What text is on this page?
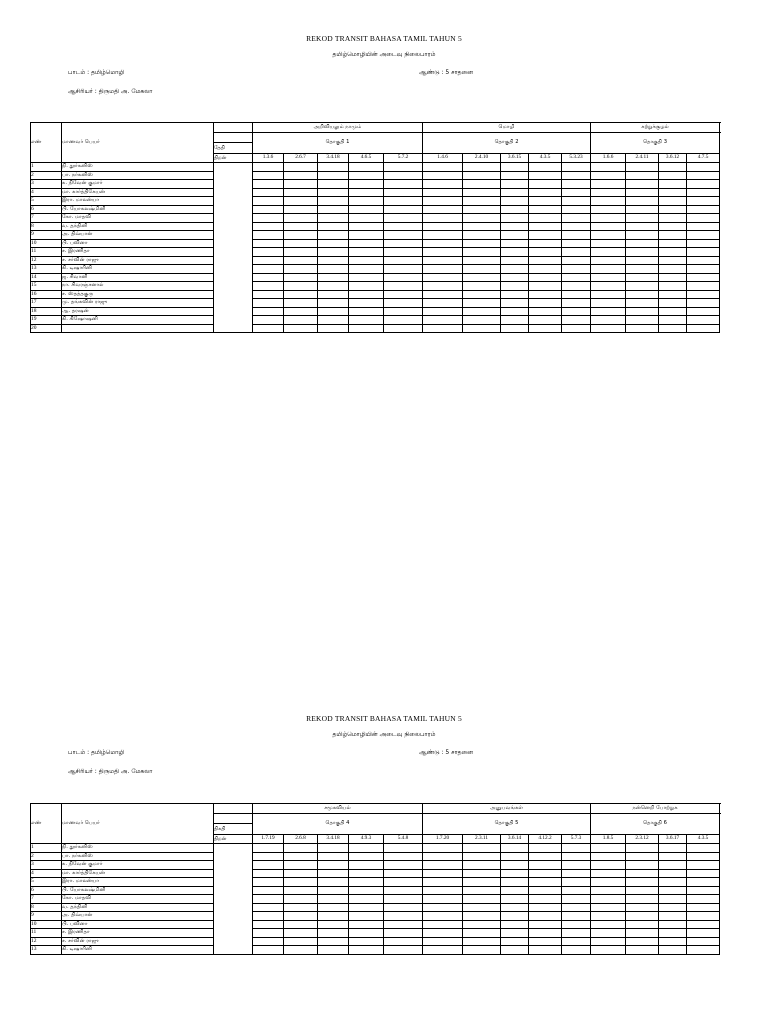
REKOD TRANSIT BAHASA TAMIL TAHUN 5
தமிழ்மொழியின் அடைவு நிலைபாரம்
பாடம் : தமிழ்மொழி	ஆண்டு : 5 சாதனை
ஆசிரியர் : திருமதி அ. மேகலா
எண்	மாணவர் பெயர்		அறிவியலும் நாமும்					மொழி					சுற்றுச்சூழல்				
			தொகுதி 1					தொகுதி 2					தொகுதி 3				
		தேதி															
		திறன்	1.3.6	2.6.7	3.4.18	4.6.5	5.7.2	1.4.6	2.4.10	3.6.15	4.3.5	5.3.23	1.6.6	2.4.11	3.6.12	4.7.5	
1	நி. தூர்கனிஸ்																
2	பா. நர்கனிஸ்																
3	க. நிவேன் குமார்																
4	மா. கார்த்திகேயன்																
5	இரா. மாலன்யா																
6	பி. யோகலஷ்மினி																
7	கோ. மாதவி																
8	வ. தந்தினி																
9	அ. திவ்யான்																
10	பி. பவினா																
11	ச. இரணிதா																
12	ச. சர்வின் ராஜு																
13	கி. டிஷாரினி																
14	ஜ. சிவானி																
15	நா. சிவரஞ்சனால்																
16	ச. ஸ்தத்தகுரு																
17	மு. தங்கவின் ராஜு																
18	ஆ. தரஷன்																
19	கி. கிஷோஷனி																
20																	
REKOD TRANSIT BAHASA TAMIL TAHUN 5
தமிழ்மொழியின் அடைவு நிலைபாரம்
பாடம் : தமிழ்மொழி	ஆண்டு : 5 சாதனை
ஆசிரியர் : திருமதி அ. மேகலா
எண்	மாணவர் பெயர்		சமூகவியல்					அனுபவங்கள்					நன்னெறி போற்றுக				
			தொகுதி 4					தொகுதி 5					தொகுதி 6				
		திகதி															
		திறன்	1.7.19	2.6.8	3.4.18	4.9.3	5.4.8	1.7.20	2.3.11	3.6.14	4.12.2	5.7.3	1.8.5	2.3.12	3.6.17	4.3.5	
1	நி. தூர்கனிஸ்																
2	பா. நர்கனிஸ்																
3	க. நிவேன் குமார்																
4	மா. கார்த்திகேயன்																
5	இரா. மாலன்யா																
6	பி. யோகலஷ்மினி																
7	கோ. மாதவி																
8	வ. தந்தினி																
9	அ. திவ்யான்																
10	பி. பவினா																
11	ச. இரணிதா																
12	ச. சர்வின் ராஜு																
13	கி. டிஷாரினி																
